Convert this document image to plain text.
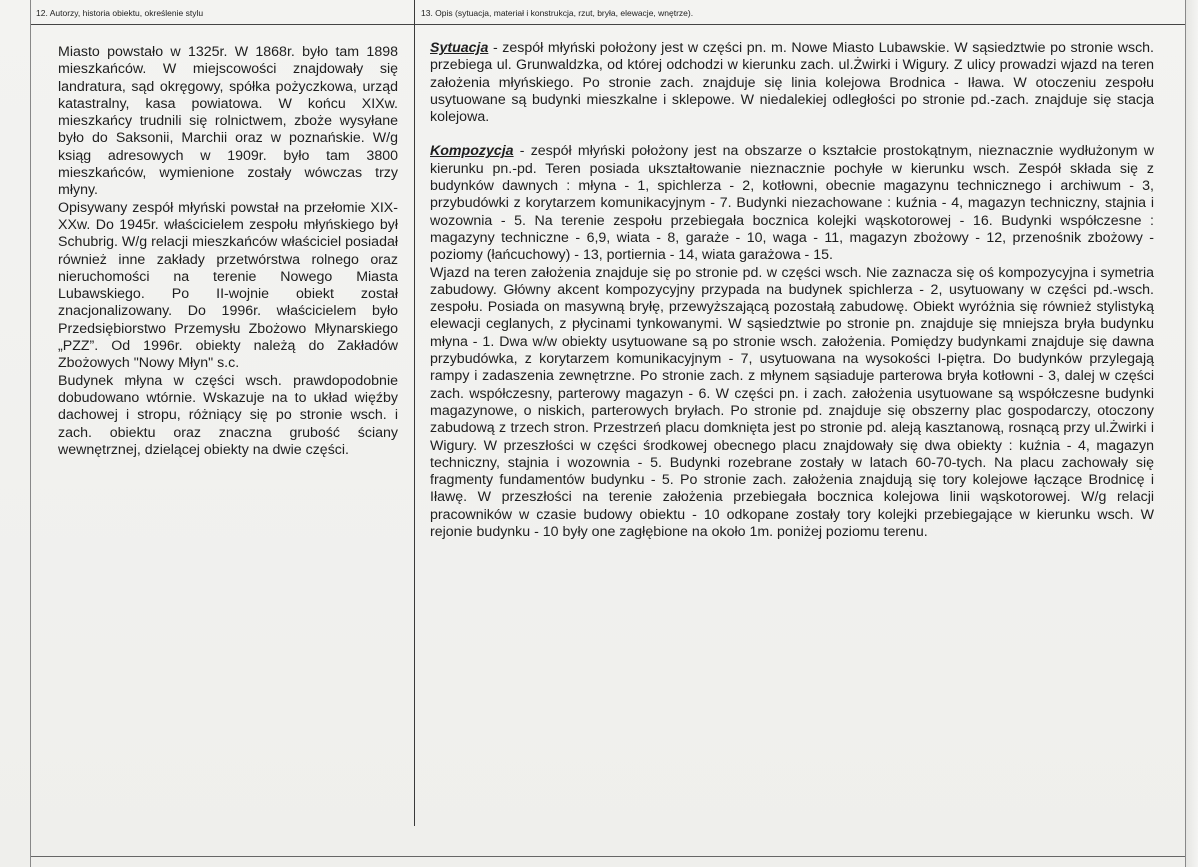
12. Autorzy, historia obiektu, określenie stylu	13. Opis (sytuacja, materiał i konstrukcja, rzut, bryła, elewacje, wnętrze).

Miasto powstało w 1325r. W 1868r. było tam 1898 mieszkańców. W miejscowości znajdowały się landratura, sąd okręgowy, spółka pożyczkowa, urząd katastralny, kasa powiatowa. W końcu XIXw. mieszkańcy trudnili się rolnictwem, zboże wysyłane było do Saksonii, Marchii oraz w poznańskie. W/g ksiąg adresowych w 1909r. było tam 3800 mieszkańców, wymienione zostały wówczas trzy młyny.

Opisywany zespół młyński powstał na przełomie XIX-XXw. Do 1945r. właścicielem zespołu młyńskiego był Schubrig. W/g relacji mieszkańców właściciel posiadał również inne zakłady przetwórstwa rolnego oraz nieruchomości na terenie Nowego Miasta Lubawskiego. Po II-wojnie obiekt został znacjonalizowany. Do 1996r. właścicielem było Przedsiębiorstwo Przemysłu Zbożowo Młynarskiego „PZZ”. Od 1996r. obiekty należą do Zakładów Zbożowych "Nowy Młyn" s.c.

Budynek młyna w części wsch. prawdopodobnie dobudowano wtórnie. Wskazuje na to układ więźby dachowej i stropu, różniący się po stronie wsch. i zach. obiektu oraz znaczna grubość ściany wewnętrznej, dzielącej obiekty na dwie części.

Sytuacja - zespół młyński położony jest w części pn. m. Nowe Miasto Lubawskie. W sąsiedztwie po stronie wsch. przebiega ul. Grunwaldzka, od której odchodzi w kierunku zach. ul.Żwirki i Wigury. Z ulicy prowadzi wjazd na teren założenia młyńskiego. Po stronie zach. znajduje się linia kolejowa Brodnica - Iława. W otoczeniu zespołu usytuowane są budynki mieszkalne i sklepowe. W niedalekiej odległości po stronie pd.-zach. znajduje się stacja kolejowa.

Kompozycja - zespół młyński położony jest na obszarze o kształcie prostokątnym, nieznacznie wydłużonym w kierunku pn.-pd. Teren posiada ukształtowanie nieznacznie pochyłe w kierunku wsch. Zespół składa się z budynków dawnych : młyna - 1, spichlerza - 2, kotłowni, obecnie magazynu technicznego i archiwum - 3, przybudówki z korytarzem komunikacyjnym - 7. Budynki niezachowane : kuźnia - 4, magazyn techniczny, stajnia i wozownia - 5. Na terenie zespołu przebiegała bocznica kolejki wąskotorowej - 16. Budynki współczesne : magazyny techniczne - 6,9, wiata - 8, garaże - 10, waga - 11, magazyn zbożowy - 12, przenośnik zbożowy - poziomy (łańcuchowy) - 13, portiernia - 14, wiata garażowa - 15.

Wjazd na teren założenia znajduje się po stronie pd. w części wsch. Nie zaznacza się oś kompozycyjna i symetria zabudowy. Główny akcent kompozycyjny przypada na budynek spichlerza - 2, usytuowany w części pd.-wsch. zespołu. Posiada on masywną bryłę, przewyższającą pozostałą zabudowę. Obiekt wyróżnia się również stylistyką elewacji ceglanych, z płycinami tynkowanymi. W sąsiedztwie po stronie pn. znajduje się mniejsza bryła budynku młyna - 1. Dwa w/w obiekty usytuowane są po stronie wsch. założenia. Pomiędzy budynkami znajduje się dawna przybudówka, z korytarzem komunikacyjnym - 7, usytuowana na wysokości I-piętra. Do budynków przylegają rampy i zadaszenia zewnętrzne. Po stronie zach. z młynem sąsiaduje parterowa bryła kotłowni - 3, dalej w części zach. współczesny, parterowy magazyn - 6. W części pn. i zach. założenia usytuowane są współczesne budynki magazynowe, o niskich, parterowych bryłach. Po stronie pd. znajduje się obszerny plac gospodarczy, otoczony zabudową z trzech stron. Przestrzeń placu domknięta jest po stronie pd. aleją kasztanową, rosnącą przy ul.Żwirki i Wigury. W przeszłości w części środkowej obecnego placu znajdowały się dwa obiekty : kuźnia - 4, magazyn techniczny, stajnia i wozownia - 5. Budynki rozebrane zostały w latach 60-70-tych. Na placu zachowały się fragmenty fundamentów budynku - 5. Po stronie zach. założenia znajdują się tory kolejowe łączące Brodnicę i Iławę. W przeszłości na terenie założenia przebiegała bocznica kolejowa linii wąskotorowej. W/g relacji pracowników w czasie budowy obiektu - 10 odkopane zostały tory kolejki przebiegające w kierunku wsch. W rejonie budynku - 10 były one zagłębione na około 1m. poniżej poziomu terenu.
